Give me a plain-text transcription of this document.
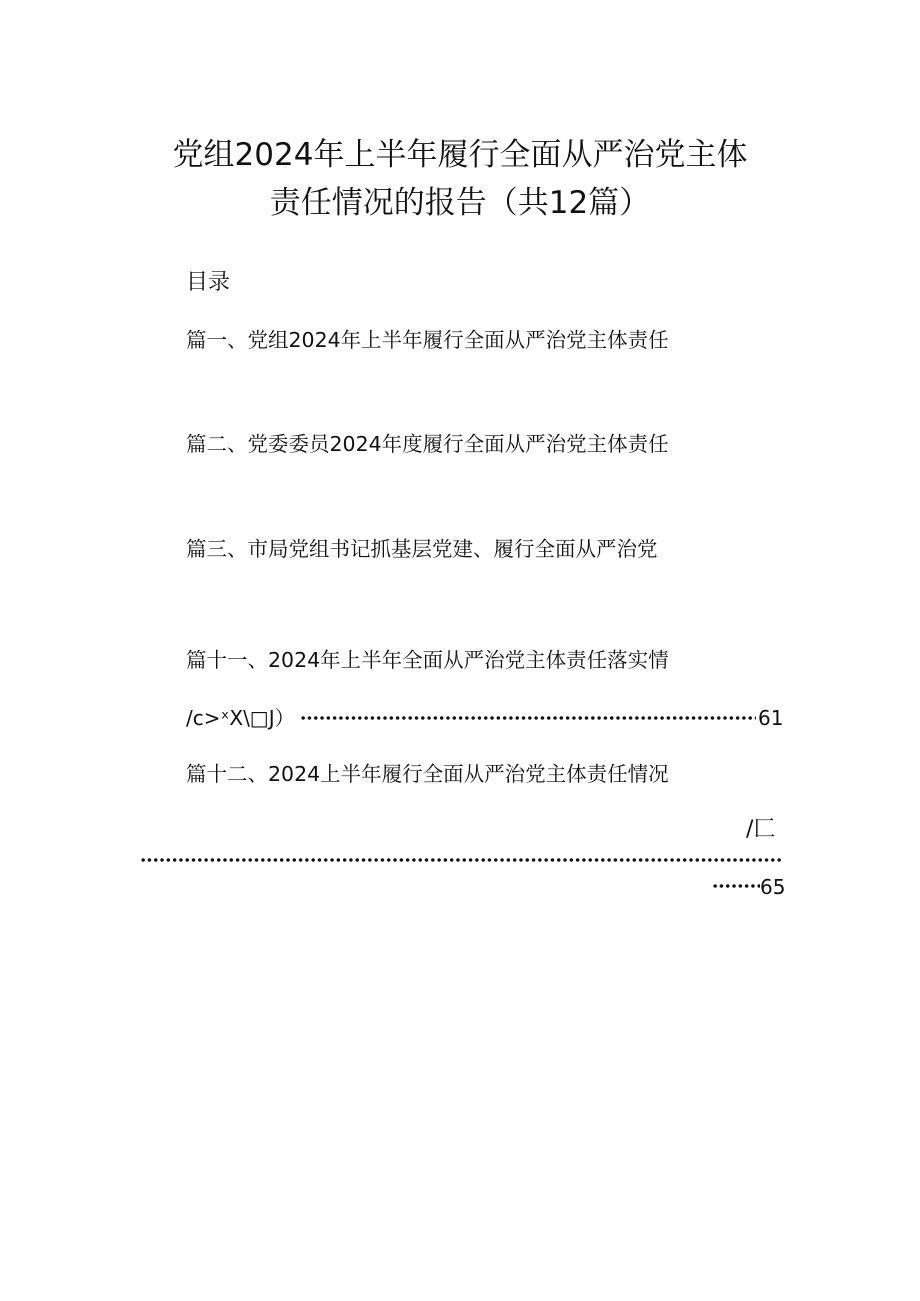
党组2024年上半年履行全面从严治党主体
责任情况的报告（共12篇）
目录
篇一、党组2024年上半年履行全面从严治党主体责任
篇二、党委委员2024年度履行全面从严治党主体责任
篇三、市局党组书记抓基层党建、履行全面从严治党
篇十一、2024年上半年全面从严治党主体责任落实情
/c>ˣX\□J）	61
篇十二、2024上半年履行全面从严治党主体责任情况
/匚
65
